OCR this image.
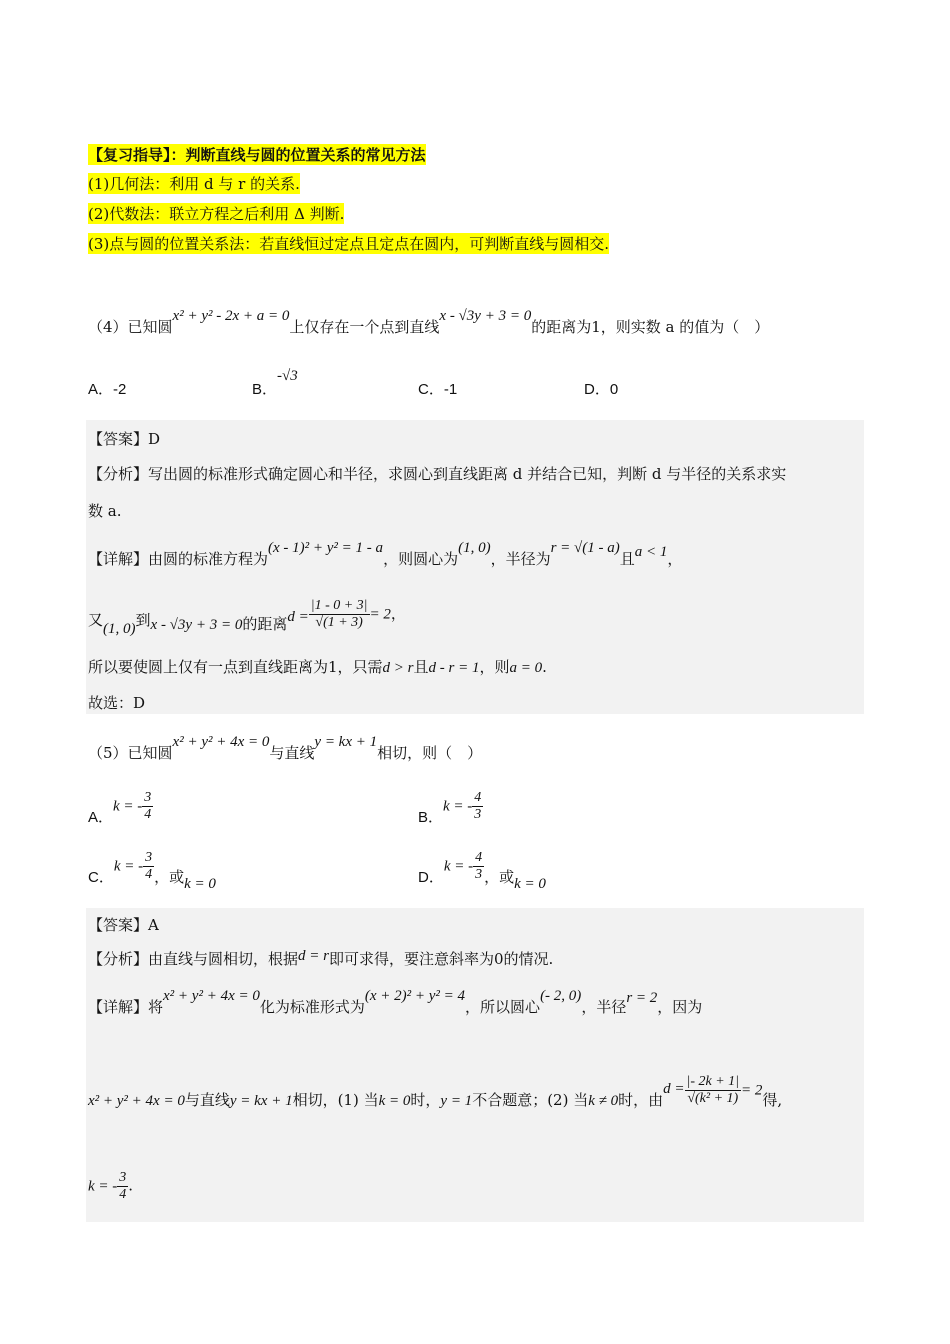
【复习指导】：判断直线与圆的位置关系的常见方法
(1)几何法：利用 d 与 r 的关系.
(2)代数法：联立方程之后利用 Δ 判断.
(3)点与圆的位置关系法：若直线恒过定点且定点在圆内，可判断直线与圆相交.
（4）已知圆x² + y² - 2x + a = 0上仅存在一个点到直线x - √3y + 3 = 0的距离为1，则实数 a 的值为（　）
A．-2	B．-√3
C．-1	D．0
【答案】D
【分析】写出圆的标准形式确定圆心和半径，求圆心到直线距离 d 并结合已知，判断 d 与半径的关系求实
数 a.
【详解】由圆的标准方程为(x - 1)² + y² = 1 - a，则圆心为(1, 0)，半径为r = √(1 - a)且a < 1，
又(1, 0)到x - √3y + 3 = 0的距离$d = \frac{|1 - 0 + 3|}{√(1 + 3)} = 2$，
所以要使圆上仅有一点到直线距离为1，只需d > r且d - r = 1，则a = 0.
故选：D
（5）已知圆x² + y² + 4x = 0与直线y = kx + 1相切，则（　）
A．k = - $\frac{3}{4}$	B．k = - $\frac{4}{3}$
C．k = - $\frac{3}{4}$ ，或k = 0	D．k = - $\frac{4}{3}$ ，或k = 0
【答案】A
【分析】由直线与圆相切，根据d = r即可求得，要注意斜率为0的情况.
【详解】将x² + y² + 4x = 0化为标准形式为(x + 2)² + y² = 4，所以圆心(- 2, 0)，半径r = 2，因为
x² + y² + 4x = 0与直线y = kx + 1相切，(1) 当k = 0时，y = 1不合题意；(2) 当k ≠ 0时，由$d = \frac{|- 2k + 1|}{\text{√(k² + 1)}} = 2$得,
k = - $\frac{3}{4}$ .
